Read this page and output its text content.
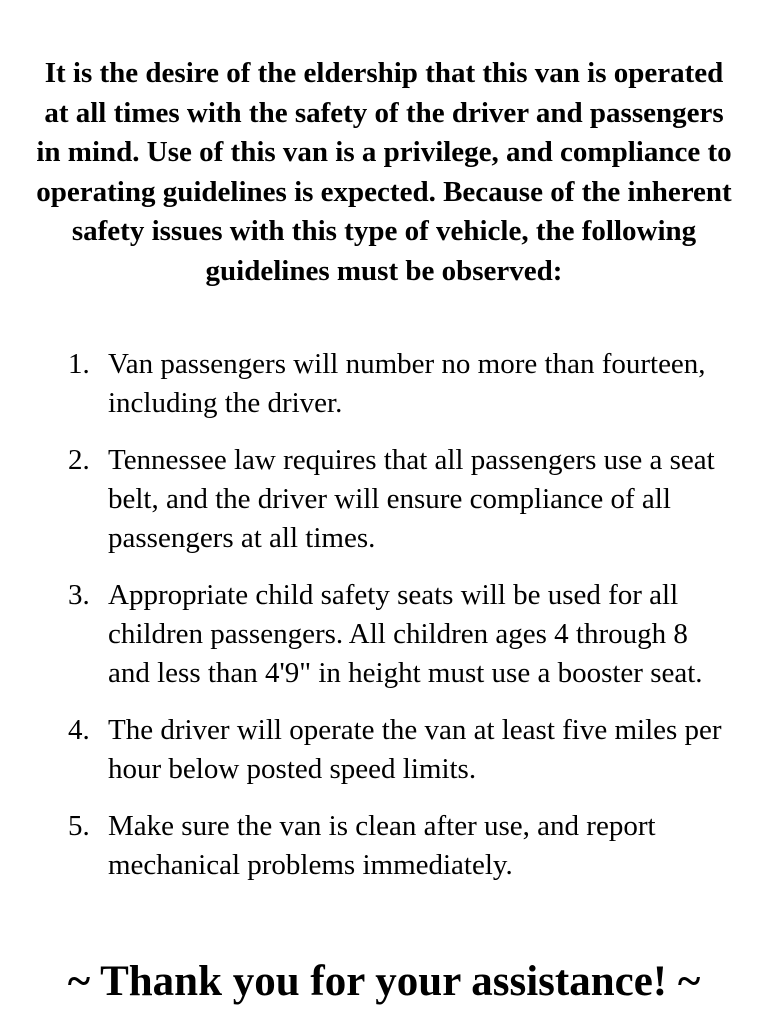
It is the desire of the eldership that this van is operated at all times with the safety of the driver and passengers in mind. Use of this van is a privilege, and compliance to operating guidelines is expected. Because of the inherent safety issues with this type of vehicle, the following guidelines must be observed:

1. Van passengers will number no more than fourteen, including the driver.
2. Tennessee law requires that all passengers use a seat belt, and the driver will ensure compliance of all passengers at all times.
3. Appropriate child safety seats will be used for all children passengers. All children ages 4 through 8 and less than 4'9" in height must use a booster seat.
4. The driver will operate the van at least five miles per hour below posted speed limits.
5. Make sure the van is clean after use, and report mechanical problems immediately.

~ Thank you for your assistance! ~
